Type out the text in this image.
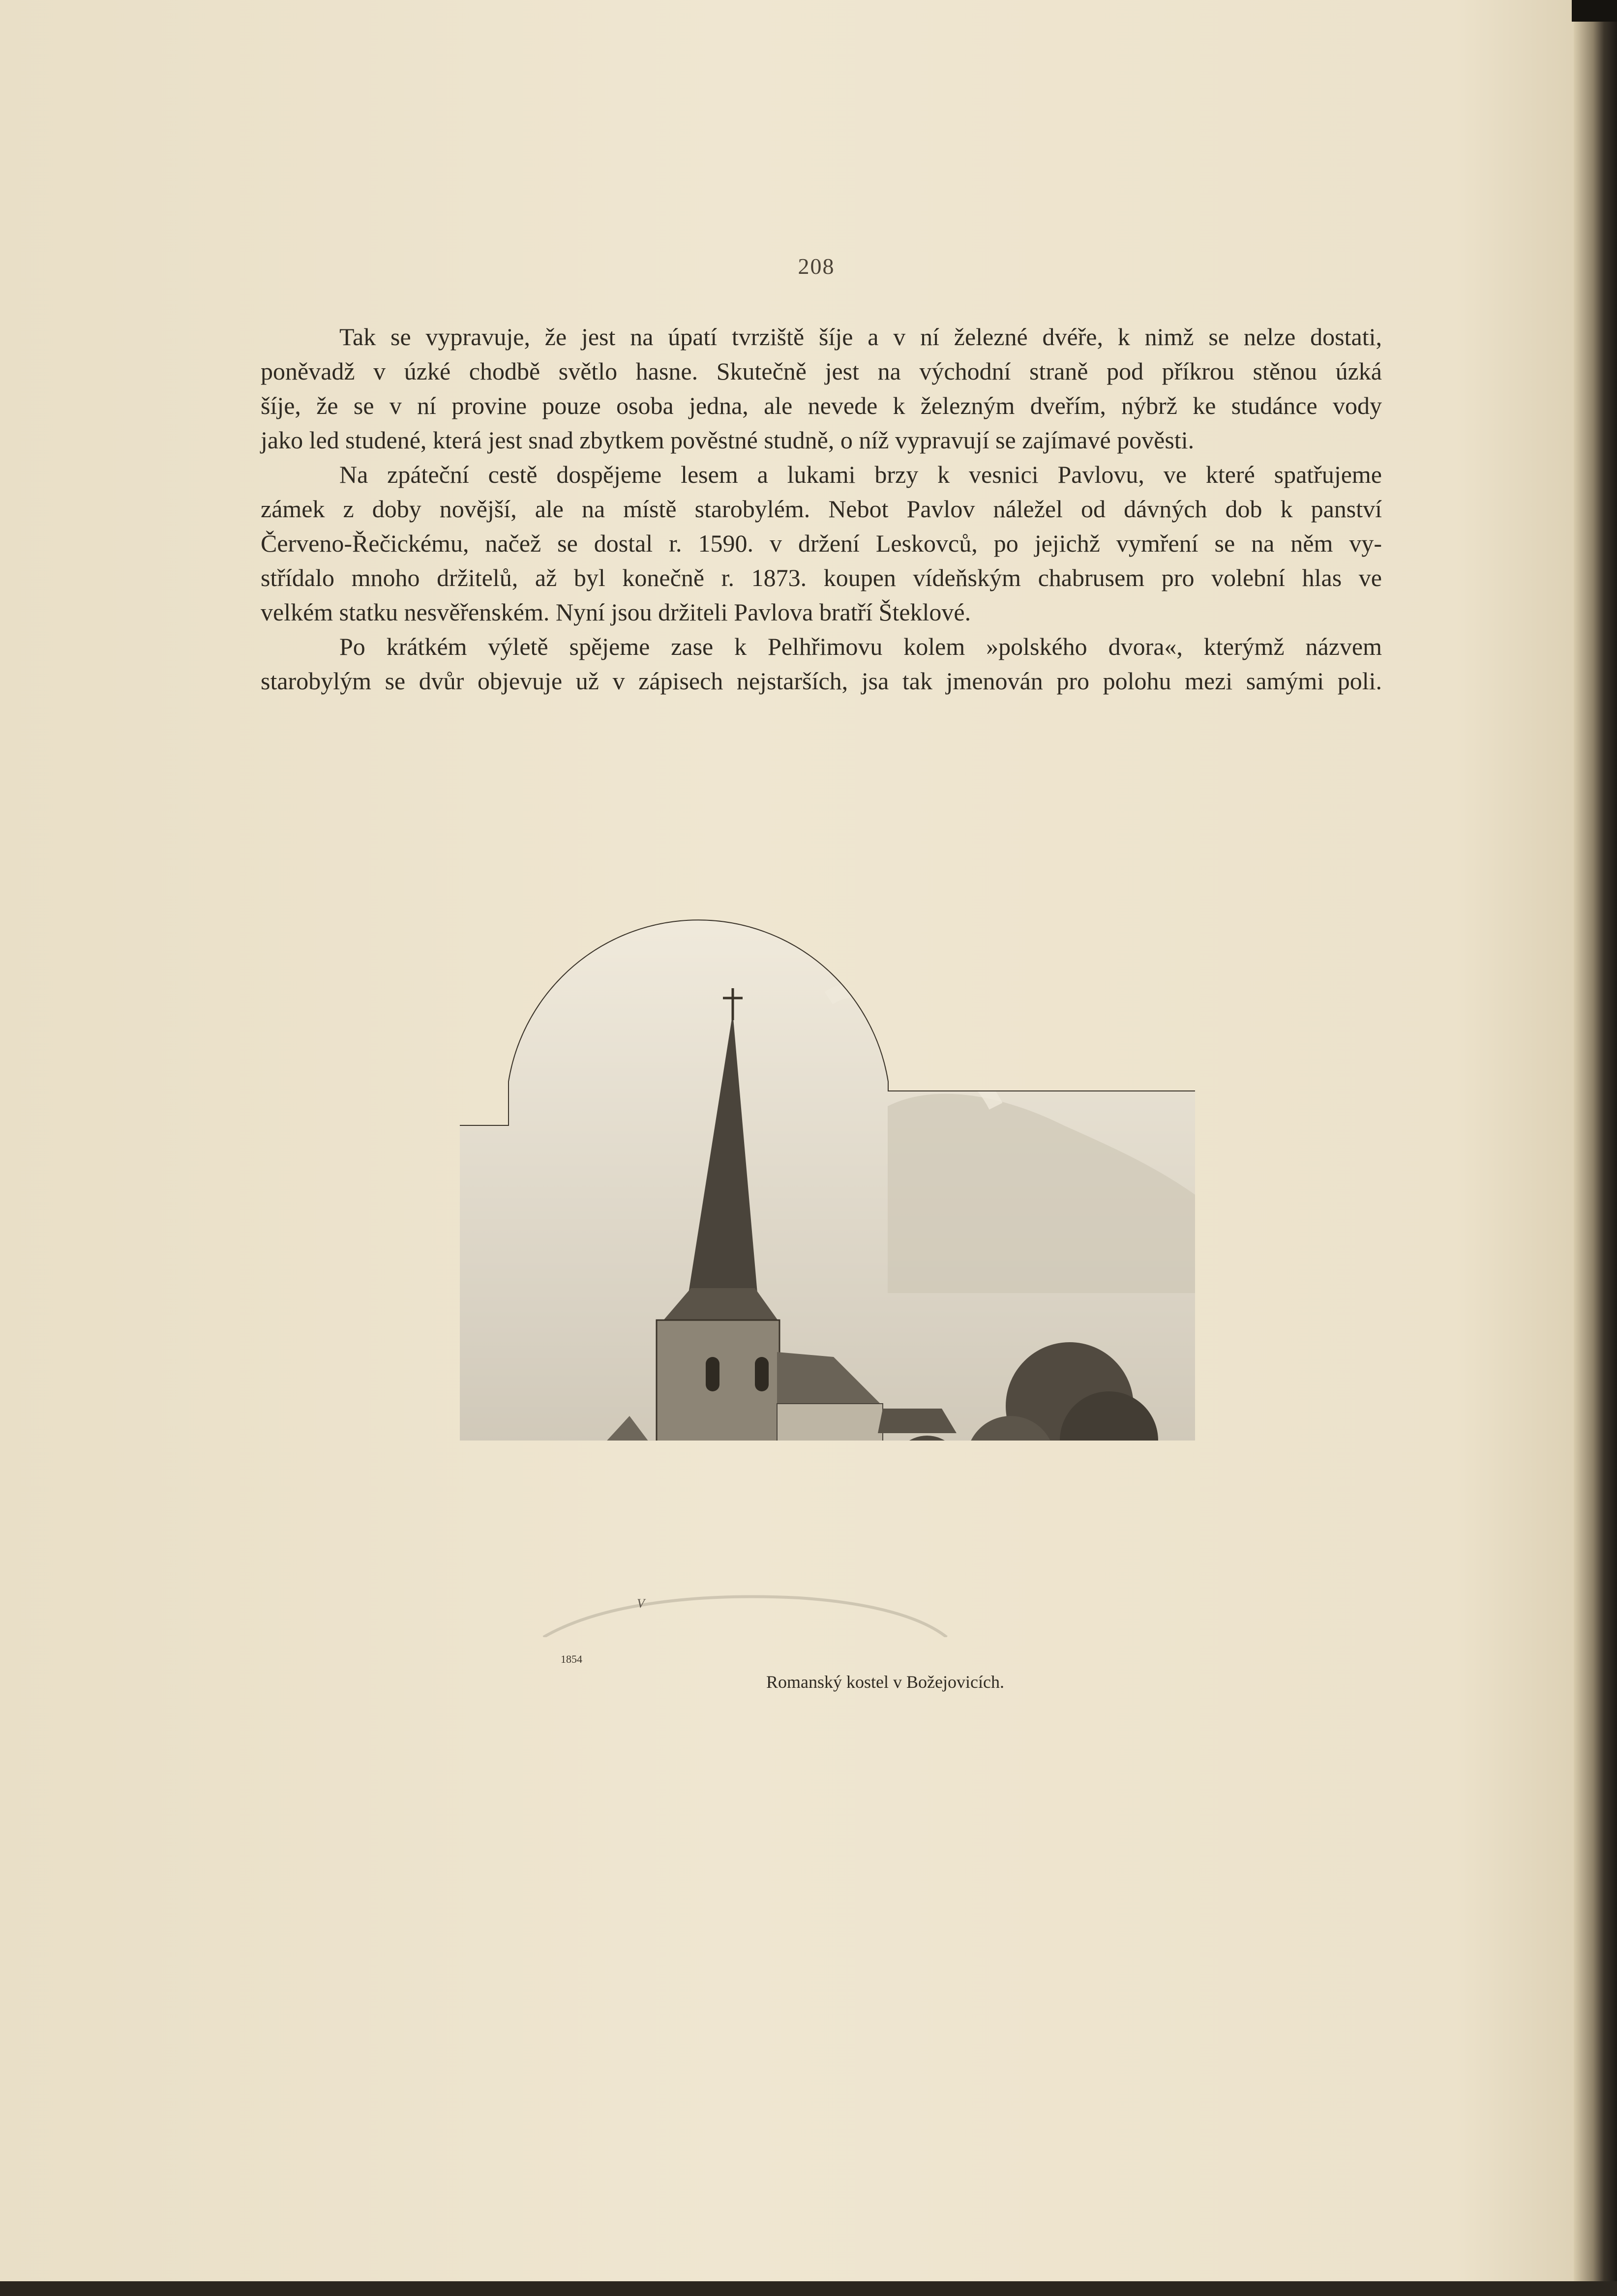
208

Tak se vypravuje, že jest na úpatí tvrziště šíje a v ní železné dvéře, k nimž se nelze dostati,
poněvadž v úzké chodbě světlo hasne. Skutečně jest na východní straně pod příkrou stěnou úzká
šíje, že se v ní provine pouze osoba jedna, ale nevede k železným dveřím, nýbrž ke studánce vody
jako led studené, která jest snad zbytkem pověstné studně, o níž vypravují se zajímavé pověsti.

Na zpáteční cestě dospějeme lesem a lukami brzy k vesnici Pavlovu, ve které spatřujeme
zámek z doby novější, ale na místě starobylém. Nebot Pavlov náležel od dávných dob k panství
Červeno-Řečickému, načež se dostal r. 1590. v držení Leskovců, po jejichž vymření se na něm vy-
střídalo mnoho držitelů, až byl konečně r. 1873. koupen vídeňským chabrusem pro volební hlas ve
velkém statku nesvěřenském. Nyní jsou držiteli Pavlova bratří Šteklové.

Po krátkém výletě spějeme zase k Pelhřimovu kolem »polského dvora«, kterýmž názvem
starobylým se dvůr objevuje už v zápisech nejstarších, jsa tak jmenován pro polohu mezi samými poli.

V
1854
Romanský kostel v Božejovicích.
